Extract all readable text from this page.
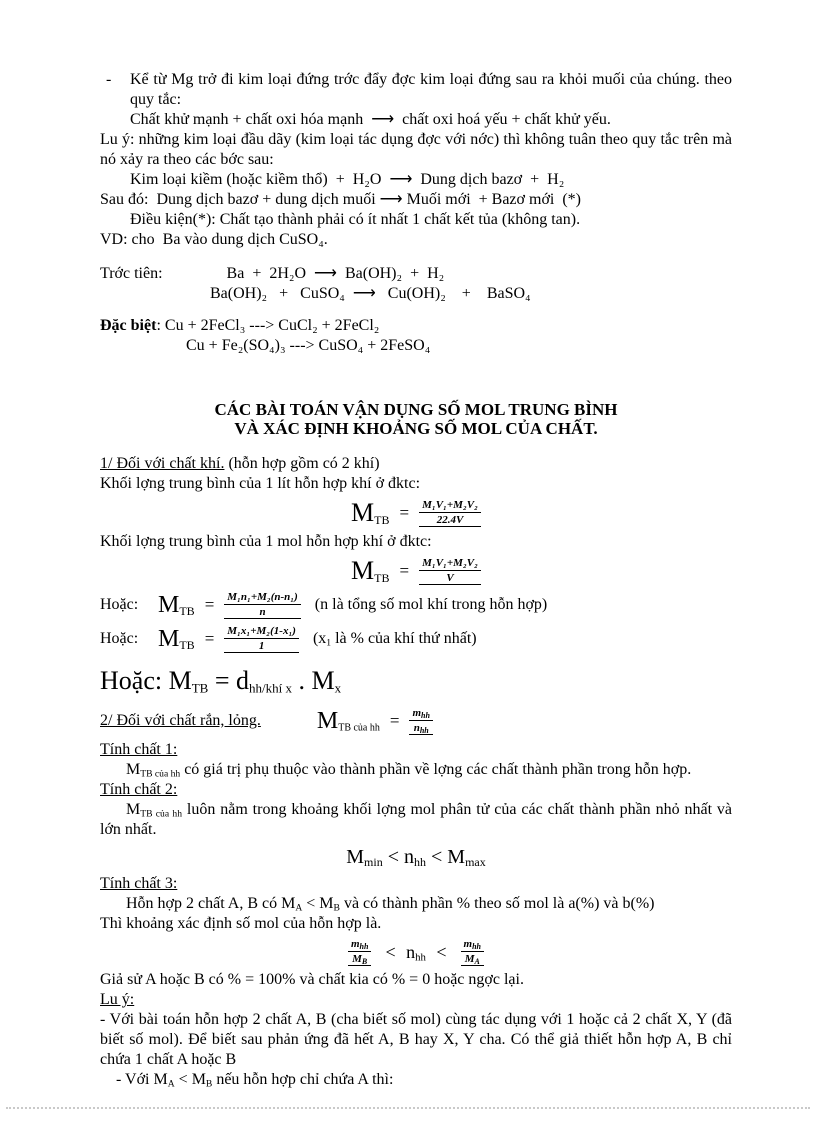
- Kể từ Mg trở đi kim loại đứng trớc đẩy đợc kim loại đứng sau ra khỏi muối của chúng. theo quy tắc:
Chất khử mạnh + chất oxi hóa mạnh  ⟶  chất oxi hoá yếu + chất khử yếu.
Lu ý: những kim loại đầu dãy (kim loại tác dụng đợc với nớc) thì không tuân theo quy tắc trên mà nó xảy ra theo các bớc sau:
Kim loại kiềm (hoặc kiềm thổ)  +  H₂O  ⟶  Dung dịch bazơ  +  H₂
Sau đó:  Dung dịch bazơ + dung dịch muối ⟶ Muối mới  + Bazơ mới  (*)
Điều kiện(*): Chất tạo thành phải có ít nhất 1 chất kết tủa (không tan).
VD: cho  Ba vào dung dịch CuSO₄.
Trớc tiên:	Ba  +  2H₂O  ⟶  Ba(OH)₂  +  H₂
Ba(OH)₂   +   CuSO₄  ⟶   Cu(OH)₂    +    BaSO₄
Đặc biệt: Cu + 2FeCl₃ ---> CuCl₂ + 2FeCl₂
Cu + Fe₂(SO₄)₃ ---> CuSO₄ + 2FeSO₄
CÁC BÀI TOÁN VẬN DỤNG SỐ MOL TRUNG BÌNH
VÀ XÁC ĐỊNH KHOẢNG SỐ MOL CỦA CHẤT.
1/ Đối với chất khí. (hỗn hợp gồm có 2 khí)
Khối lợng trung bình của 1 lít hỗn hợp khí ở đktc:
$M_{TB} = \frac{\text{M₁V₁+M₂V₂}}{22.4V}$
Khối lợng trung bình của 1 mol hỗn hợp khí ở đktc:
$M_{TB} = \frac{\text{M₁V₁+M₂V₂}}{V}$
Hoặc: $M_{TB} = \frac{\text{M₁n₁+M₂(n-n₁)}}{n} (n$ là tổng số mol khí trong hỗn hợp)
Hoặc: $M_{TB} = \frac{\text{M₁x₁+M₂(1-x₁)}}{1} (x_1$ là % của khí thứ nhất)
Hoặc: $M_{TB} = d_{hh/khí x}$ . $M_x$
2/ Đối với chất rắn, lỏng. $M_{TB của hh} = \frac{m_{hh}}{n_{hh}}$
Tính chất 1:
$M_{TB của hh}$ có giá trị phụ thuộc vào thành phần về lợng các chất thành phần trong hỗn hợp.
Tính chất 2:
$M_{TB của hh}$ luôn nằm trong khoảng khối lợng mol phân tử của các chất thành phần nhỏ nhất và lớn nhất.
$M_{min} < n_{hh} < M_{max}$
Tính chất 3:
Hỗn hợp 2 chất A, B có $M_A < M_B$ và có thành phần % theo số mol là a(%) và b(%)
Thì khoảng xác định số mol của hỗn hợp là.
$\frac{m_{hh}}{M_B} < n_{hh} < \frac{m_{hh}}{M_A}$
Giả sử A hoặc B có % = 100% và chất kia có % = 0 hoặc ngợc lại.
Lu ý:
- Với bài toán hỗn hợp 2 chất A, B (cha biết số mol) cùng tác dụng với 1 hoặc cả 2 chất X, Y (đã biết số mol). Để biết sau phản ứng đã hết A, B hay X, Y cha. Có thể giả thiết hỗn hợp A, B chỉ chứa 1 chất A hoặc B
- Với $M_A < M_B$ nếu hỗn hợp chỉ chứa A thì:
